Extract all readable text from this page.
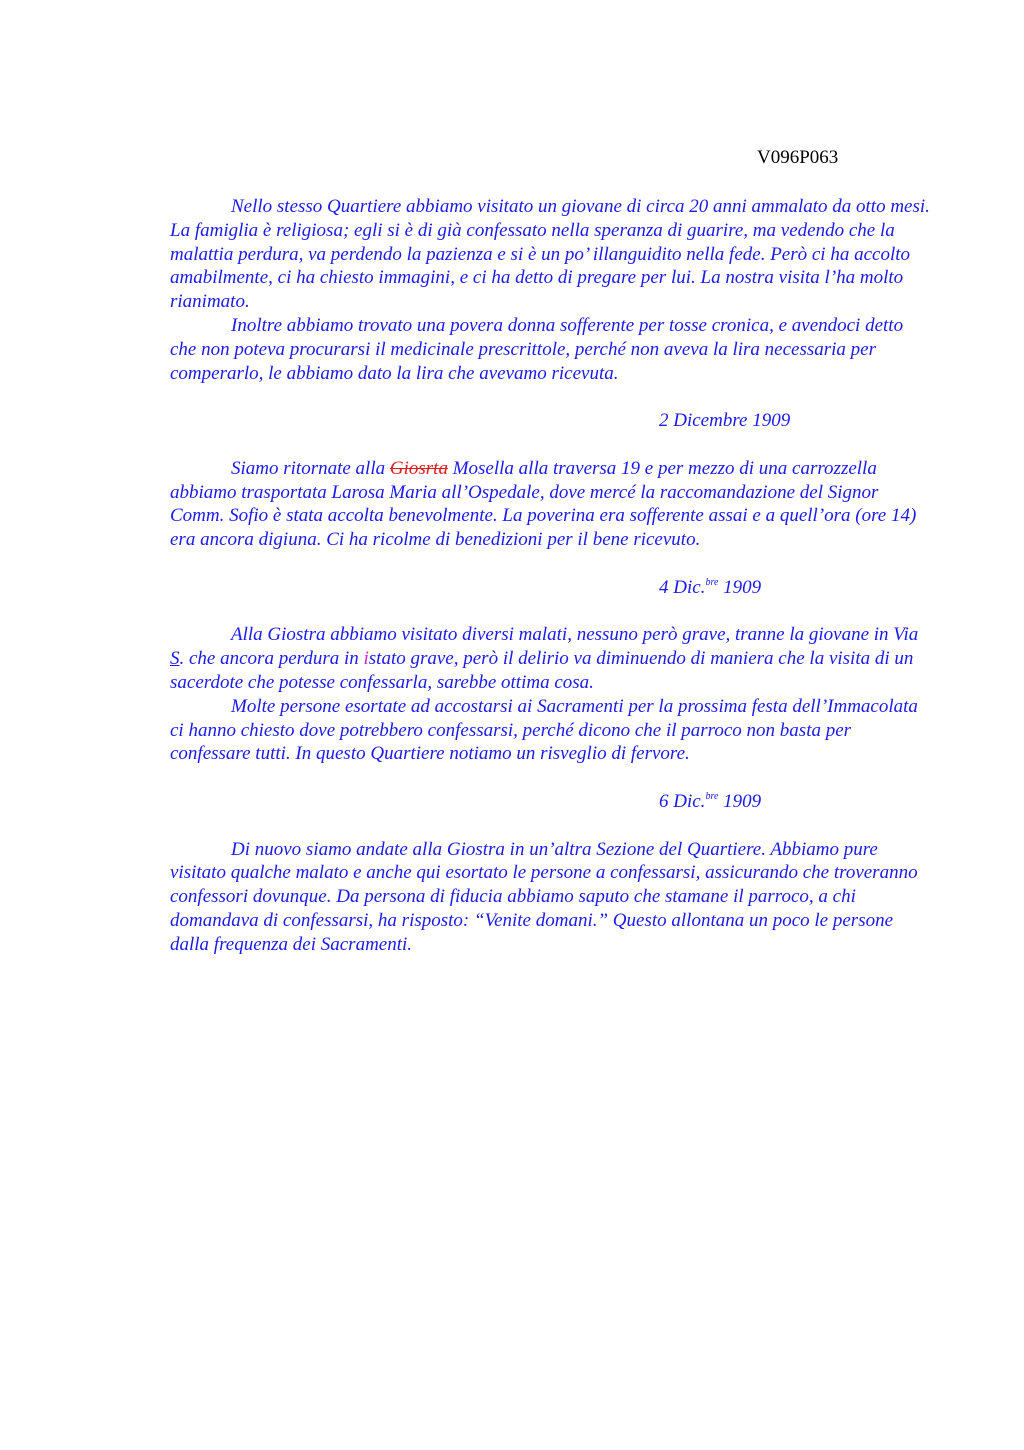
V096P063

Nello stesso Quartiere abbiamo visitato un giovane di circa 20 anni ammalato da otto mesi. La famiglia è religiosa; egli si è di già confessato nella speranza di guarire, ma vedendo che la malattia perdura, va perdendo la pazienza e si è un po’ illanguidito nella fede. Però ci ha accolto amabilmente, ci ha chiesto immagini, e ci ha detto di pregare per lui. La nostra visita l’ha molto rianimato.

Inoltre abbiamo trovato una povera donna sofferente per tosse cronica, e avendoci detto che non poteva procurarsi il medicinale prescrittole, perché non aveva la lira necessaria per comperarlo, le abbiamo dato la lira che avevamo ricevuta.

2 Dicembre 1909

Siamo ritornate alla Giosrta Mosella alla traversa 19 e per mezzo di una carrozzella abbiamo trasportata Larosa Maria all’Ospedale, dove mercé la raccomandazione del Signor Comm. Sofio è stata accolta benevolmente. La poverina era sofferente assai e a quell’ora (ore 14) era ancora digiuna. Ci ha ricolme di benedizioni per il bene ricevuto.

4 Dic.$^{bre}$ 1909

Alla Giostra abbiamo visitato diversi malati, nessuno però grave, tranne la giovane in Via S. che ancora perdura in istato grave, però il delirio va diminuendo di maniera che la visita di un sacerdote che potesse confessarla, sarebbe ottima cosa.

Molte persone esortate ad accostarsi ai Sacramenti per la prossima festa dell’Immacolata ci hanno chiesto dove potrebbero confessarsi, perché dicono che il parroco non basta per confessare tutti. In questo Quartiere notiamo un risveglio di fervore.

6 Dic.$^{bre}$ 1909

Di nuovo siamo andate alla Giostra in un’altra Sezione del Quartiere. Abbiamo pure visitato qualche malato e anche qui esortato le persone a confessarsi, assicurando che troveranno confessori dovunque. Da persona di fiducia abbiamo saputo che stamane il parroco, a chi domandava di confessarsi, ha risposto: “Venite domani.” Questo allontana un poco le persone dalla frequenza dei Sacramenti.
